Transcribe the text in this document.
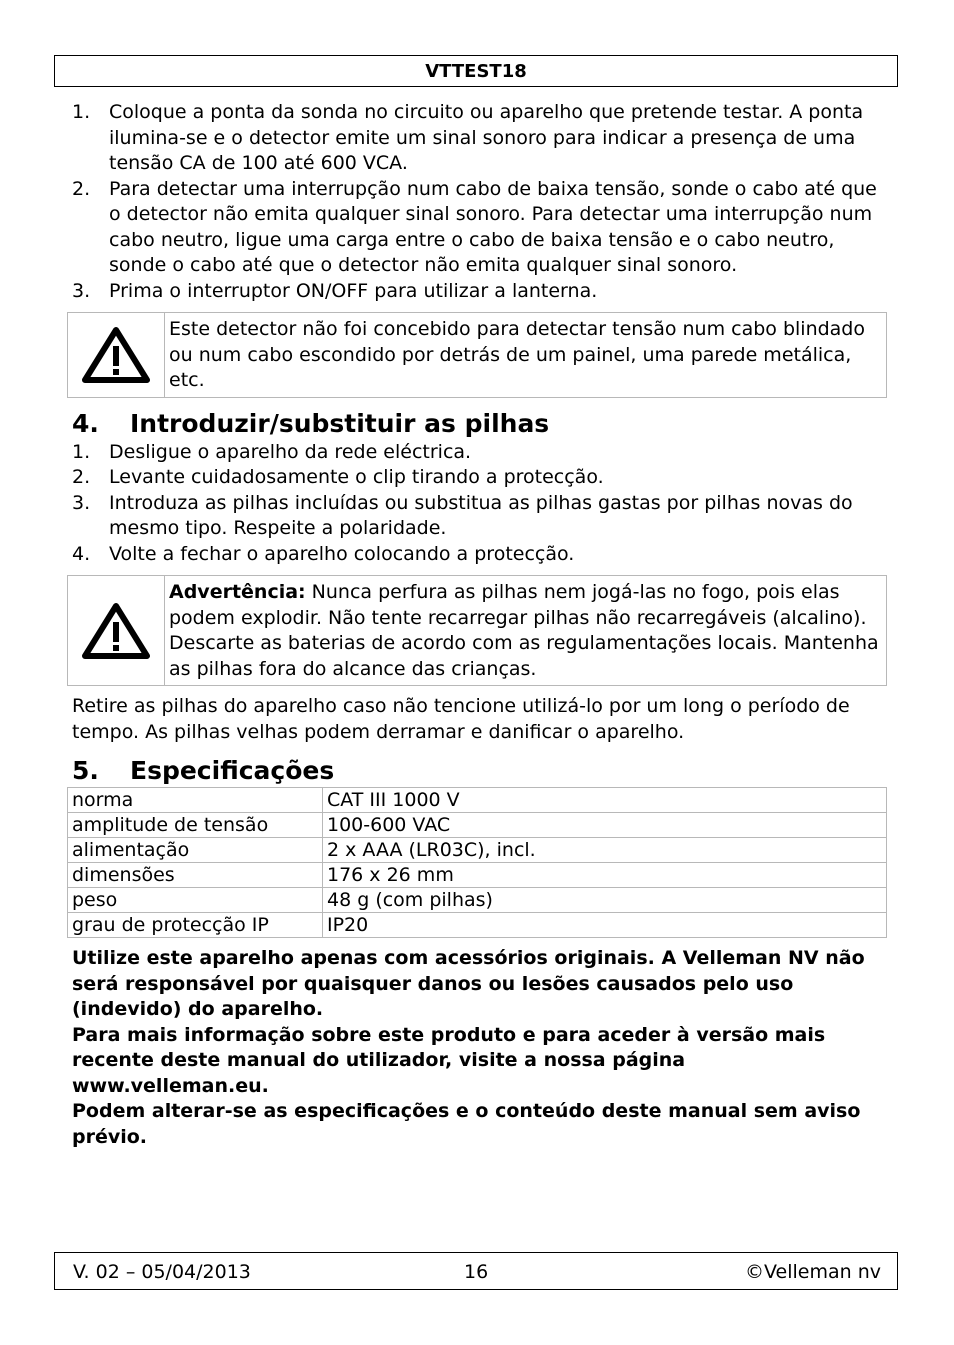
VTTEST18
1. Coloque a ponta da sonda no circuito ou aparelho que pretende testar. A ponta ilumina-se e o detector emite um sinal sonoro para indicar a presença de uma tensão CA de 100 até 600 VCA.
2. Para detectar uma interrupção num cabo de baixa tensão, sonde o cabo até que o detector não emita qualquer sinal sonoro. Para detectar uma interrupção num cabo neutro, ligue uma carga entre o cabo de baixa tensão e o cabo neutro, sonde o cabo até que o detector não emita qualquer sinal sonoro.
3. Prima o interruptor ON/OFF para utilizar a lanterna.
Este detector não foi concebido para detectar tensão num cabo blindado ou num cabo escondido por detrás de um painel, uma parede metálica, etc.
4. Introduzir/substituir as pilhas
1. Desligue o aparelho da rede eléctrica.
2. Levante cuidadosamente o clip tirando a protecção.
3. Introduza as pilhas incluídas ou substitua as pilhas gastas por pilhas novas do mesmo tipo. Respeite a polaridade.
4. Volte a fechar o aparelho colocando a protecção.
Advertência: Nunca perfura as pilhas nem jogá-las no fogo, pois elas podem explodir. Não tente recarregar pilhas não recarregáveis (alcalino). Descarte as baterias de acordo com as regulamentações locais. Mantenha as pilhas fora do alcance das crianças.

Retire as pilhas do aparelho caso não tencione utilizá-lo por um long o período de tempo. As pilhas velhas podem derramar e danificar o aparelho.

5. Especificações
norma	CAT III 1000 V
amplitude de tensão	100-600 VAC
alimentação	2 x AAA (LR03C), incl.
dimensões	176 x 26 mm
peso	48 g (com pilhas)
grau de protecção IP	IP20
Utilize este aparelho apenas com acessórios originais. A Velleman NV não será responsável por quaisquer danos ou lesões causados pelo uso (indevido) do aparelho.
Para mais informação sobre este produto e para aceder à versão mais recente deste manual do utilizador, visite a nossa página www.velleman.eu.
Podem alterar-se as especificações e o conteúdo deste manual sem aviso prévio.
V. 02 – 05/04/2013	16	©Velleman nv
